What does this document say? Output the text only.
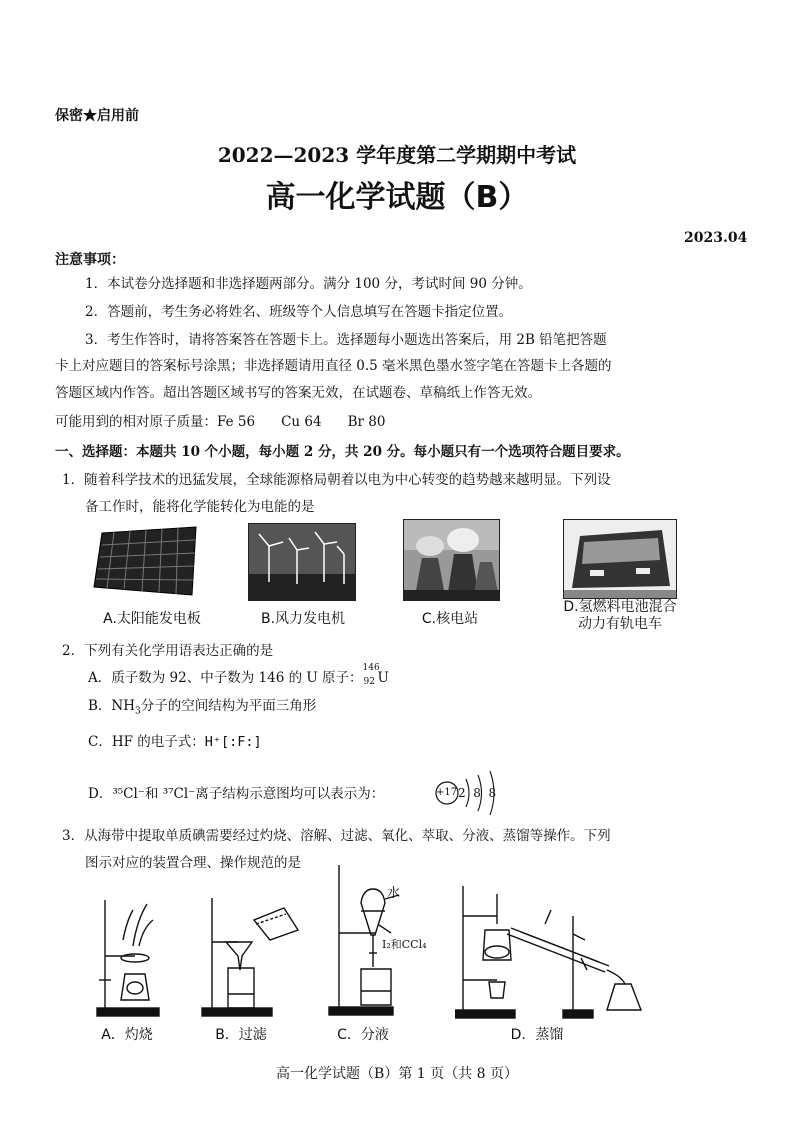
保密★启用前
2022—2023 学年度第二学期期中考试
高一化学试题（B）
2023.04
注意事项：
1．本试卷分选择题和非选择题两部分。满分 100 分，考试时间 90 分钟。
2．答题前，考生务必将姓名、班级等个人信息填写在答题卡指定位置。
3．考生作答时，请将答案答在答题卡上。选择题每小题选出答案后，用 2B 铅笔把答题
卡上对应题目的答案标号涂黑；非选择题请用直径 0.5 毫米黑色墨水签字笔在答题卡上各题的
答题区域内作答。超出答题区域书写的答案无效，在试题卷、草稿纸上作答无效。
可能用到的相对原子质量：Fe 56 Cu 64 Br 80
一、选择题：本题共 10 个小题，每小题 2 分，共 20 分。每小题只有一个选项符合题目要求。
1．随着科学技术的迅猛发展，全球能源格局朝着以电为中心转变的趋势越来越明显。下列设
备工作时，能将化学能转化为电能的是
A.太阳能发电板	B.风力发电机	C.核电站
D.氢燃料电池混合
动力有轨电车
2．下列有关化学用语表达正确的是
A．质子数为 92、中子数为 146 的 U 原子：
146
92 U
B．$NH_3$分子的空间结构为平面三角形
C．HF 的电子式：H⁺[:F:]
D．³⁵Cl⁻和 ³⁷Cl⁻离子结构示意图均可以表示为：	+17 2  8  8
3．从海带中提取单质碘需要经过灼烧、溶解、过滤、氧化、萃取、分液、蒸馏等操作。下列
图示对应的装置合理、操作规范的是
水
I₂和CCl₄
A．灼烧	B．过滤	C．分液	D．蒸馏
高一化学试题（B）第 1 页（共 8 页）
